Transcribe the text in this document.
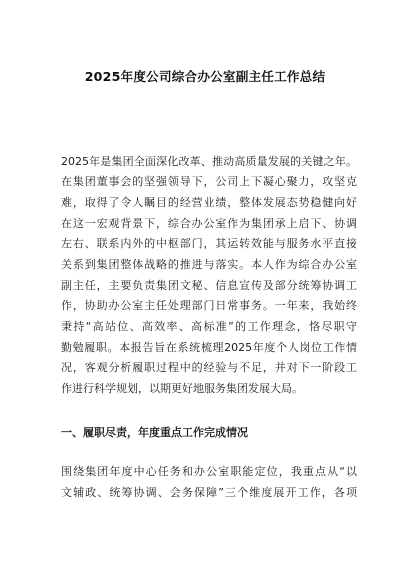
2025年度公司综合办公室副主任工作总结

2025年是集团全面深化改革、推动高质量发展的关键之年。

在集团董事会的坚强领导下，公司上下凝心聚力，攻坚克

难，取得了令人瞩目的经营业绩，整体发展态势稳健向好

在这一宏观背景下，综合办公室作为集团承上启下、协调

左右、联系内外的中枢部门，其运转效能与服务水平直接

关系到集团整体战略的推进与落实。本人作为综合办公室

副主任，主要负责集团文秘、信息宣传及部分统筹协调工

作，协助办公室主任处理部门日常事务。一年来，我始终

秉持“高站位、高效率、高标准”的工作理念，恪尽职守

勤勉履职。本报告旨在系统梳理2025年度个人岗位工作情

况，客观分析履职过程中的经验与不足，并对下一阶段工

作进行科学规划，以期更好地服务集团发展大局。

一、履职尽责，年度重点工作完成情况

围绕集团年度中心任务和办公室职能定位，我重点从“以

文辅政、统筹协调、会务保障”三个维度展开工作，各项
